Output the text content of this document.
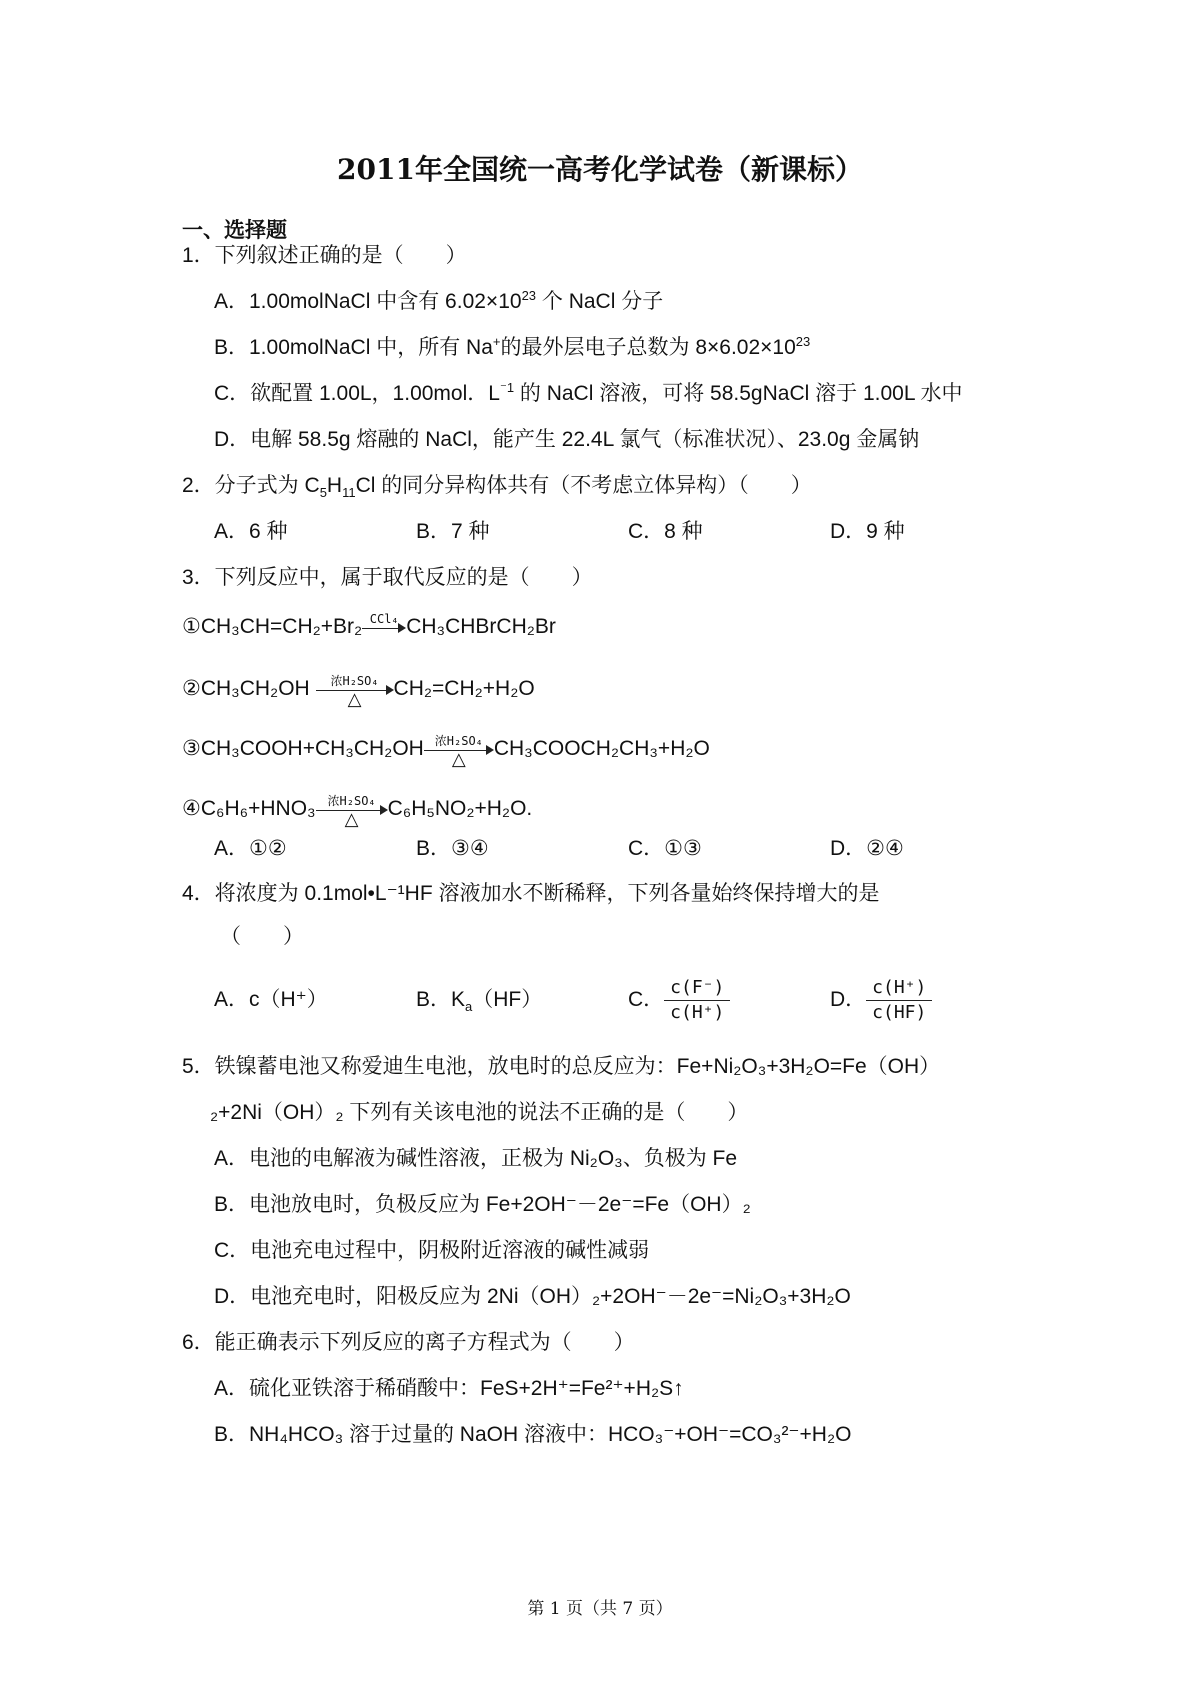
2011年全国统一高考化学试卷（新课标）
一、选择题
1．下列叙述正确的是（　　）
A．1.00molNaCl 中含有 $6.02\times 10^{23}$ 个 NaCl 分子
B．1.00molNaCl 中，所有 Na+的最外层电子总数为 $8\times 6.02\times 10^{23}$
C．欲配置 1.00L，1.00mol．$L^{^-1}$ 的 NaCl 溶液，可将 58.5gNaCl 溶于 1.00L 水中
D．电解 58.5g 熔融的 NaCl，能产生 22.4L 氯气（标准状况）、23.0g 金属钠
2．分子式为 $C_5H_{11}Cl$ 的同分异构体共有（不考虑立体异构）（　　）
A．6 种	B．7 种	C．8 种	D．9 种
3．下列反应中，属于取代反应的是（　　）
①CH₃CH=CH₂+Br₂ CCl₄ CH₃CHBrCH₂Br
②CH₃CH₂OH	浓H₂SO₄
△	CH₂=CH₂+H₂O
③CH₃COOH+CH₃CH₂OH 浓H₂SO₄
△	CH₃COOCH₂CH₃+H₂O
④C₆H₆+HNO₃ 浓H₂SO₄
△	C₆H₅NO₂+H₂O.
A．①②	B．③④	C．①③	D．②④
4．将浓度为 0.1mol•L⁻¹HF 溶液加水不断稀释，下列各量始终保持增大的是
（　　）
A．c（H⁺）	B．$K_a(HF)$	C． $\frac{c(F^-)}{c(H^+)}$	D． $\frac{c(H^+)}{c(HF)}$
5．铁镍蓄电池又称爱迪生电池，放电时的总反应为：Fe+Ni₂O₃+3H₂O=Fe（OH）
₂+2Ni（OH）₂ 下列有关该电池的说法不正确的是（　　）
A．电池的电解液为碱性溶液，正极为 Ni₂O₃、负极为 Fe
B．电池放电时，负极反应为 Fe+2OH⁻－2e⁻=Fe（OH）₂
C．电池充电过程中，阴极附近溶液的碱性减弱
D．电池充电时，阳极反应为 2Ni（OH）₂+2OH⁻－2e⁻=Ni₂O₃+3H₂O
6．能正确表示下列反应的离子方程式为（　　）
A．硫化亚铁溶于稀硝酸中：FeS+2H⁺=Fe²⁺+H₂S↑
B．NH₄HCO₃ 溶于过量的 NaOH 溶液中：HCO₃⁻+OH⁻=CO₃²⁻+H₂O
第 1 页（共 7 页）
